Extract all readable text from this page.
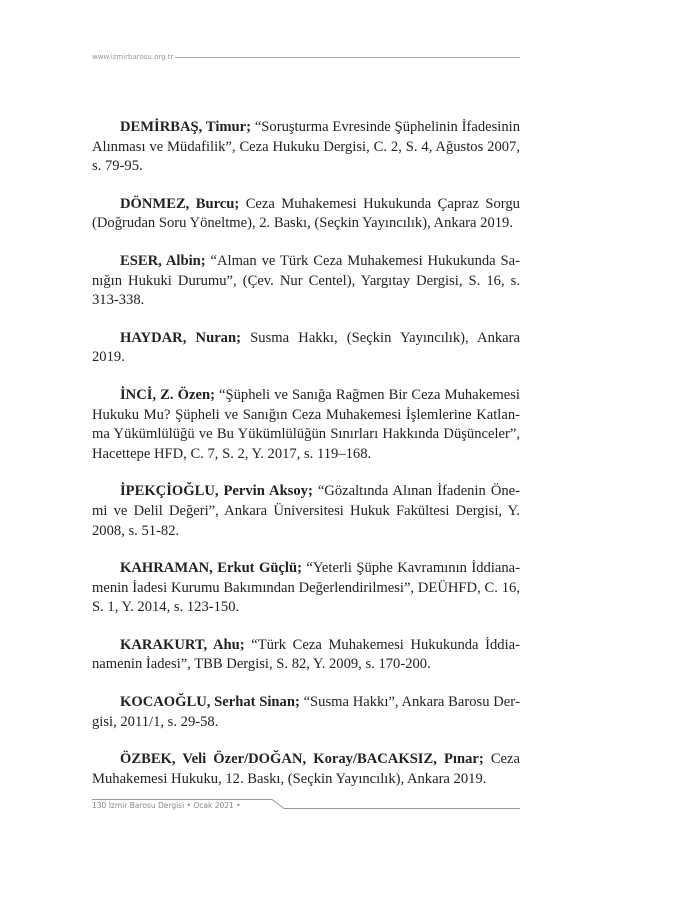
www.izmirbarosu.org.tr

DEMİRBAŞ, Timur; “Soruşturma Evresinde Şüphelinin İfadesinin Alınması ve Müdafilik”, Ceza Hukuku Dergisi, C. 2, S. 4, Ağustos 2007, s. 79-95.

DÖNMEZ, Burcu; Ceza Muhakemesi Hukukunda Çapraz Sorgu (Doğrudan Soru Yöneltme), 2. Baskı, (Seçkin Yayıncılık), Ankara 2019.

ESER, Albin; “Alman ve Türk Ceza Muhakemesi Hukukunda Sanığın Hukuki Durumu”, (Çev. Nur Centel), Yargıtay Dergisi, S. 16, s. 313-338.

HAYDAR, Nuran; Susma Hakkı, (Seçkin Yayıncılık), Ankara 2019.

İNCİ, Z. Özen; “Şüpheli ve Sanığa Rağmen Bir Ceza Muhakemesi Hukuku Mu? Şüpheli ve Sanığın Ceza Muhakemesi İşlemlerine Katlanma Yükümlülüğü ve Bu Yükümlülüğün Sınırları Hakkında Düşünceler”, Hacettepe HFD, C. 7, S. 2, Y. 2017, s. 119–168.

İPEKÇİOĞLU, Pervin Aksoy; “Gözaltında Alınan İfadenin Önemi ve Delil Değeri”, Ankara Üniversitesi Hukuk Fakültesi Dergisi, Y. 2008, s. 51-82.

KAHRAMAN, Erkut Güçlü; “Yeterli Şüphe Kavramının İddianamenin İadesi Kurumu Bakımından Değerlendirilmesi”, DEÜHFD, C. 16, S. 1, Y. 2014, s. 123-150.

KARAKURT, Ahu; “Türk Ceza Muhakemesi Hukukunda İddianamenin İadesi”, TBB Dergisi, S. 82, Y. 2009, s. 170-200.

KOCAOĞLU, Serhat Sinan; “Susma Hakkı”, Ankara Barosu Dergisi, 2011/1, s. 29-58.

ÖZBEK, Veli Özer/DOĞAN, Koray/BACAKSIZ, Pınar; Ceza Muhakemesi Hukuku, 12. Baskı, (Seçkin Yayıncılık), Ankara 2019.

130 İzmir Barosu Dergisi • Ocak 2021 •
